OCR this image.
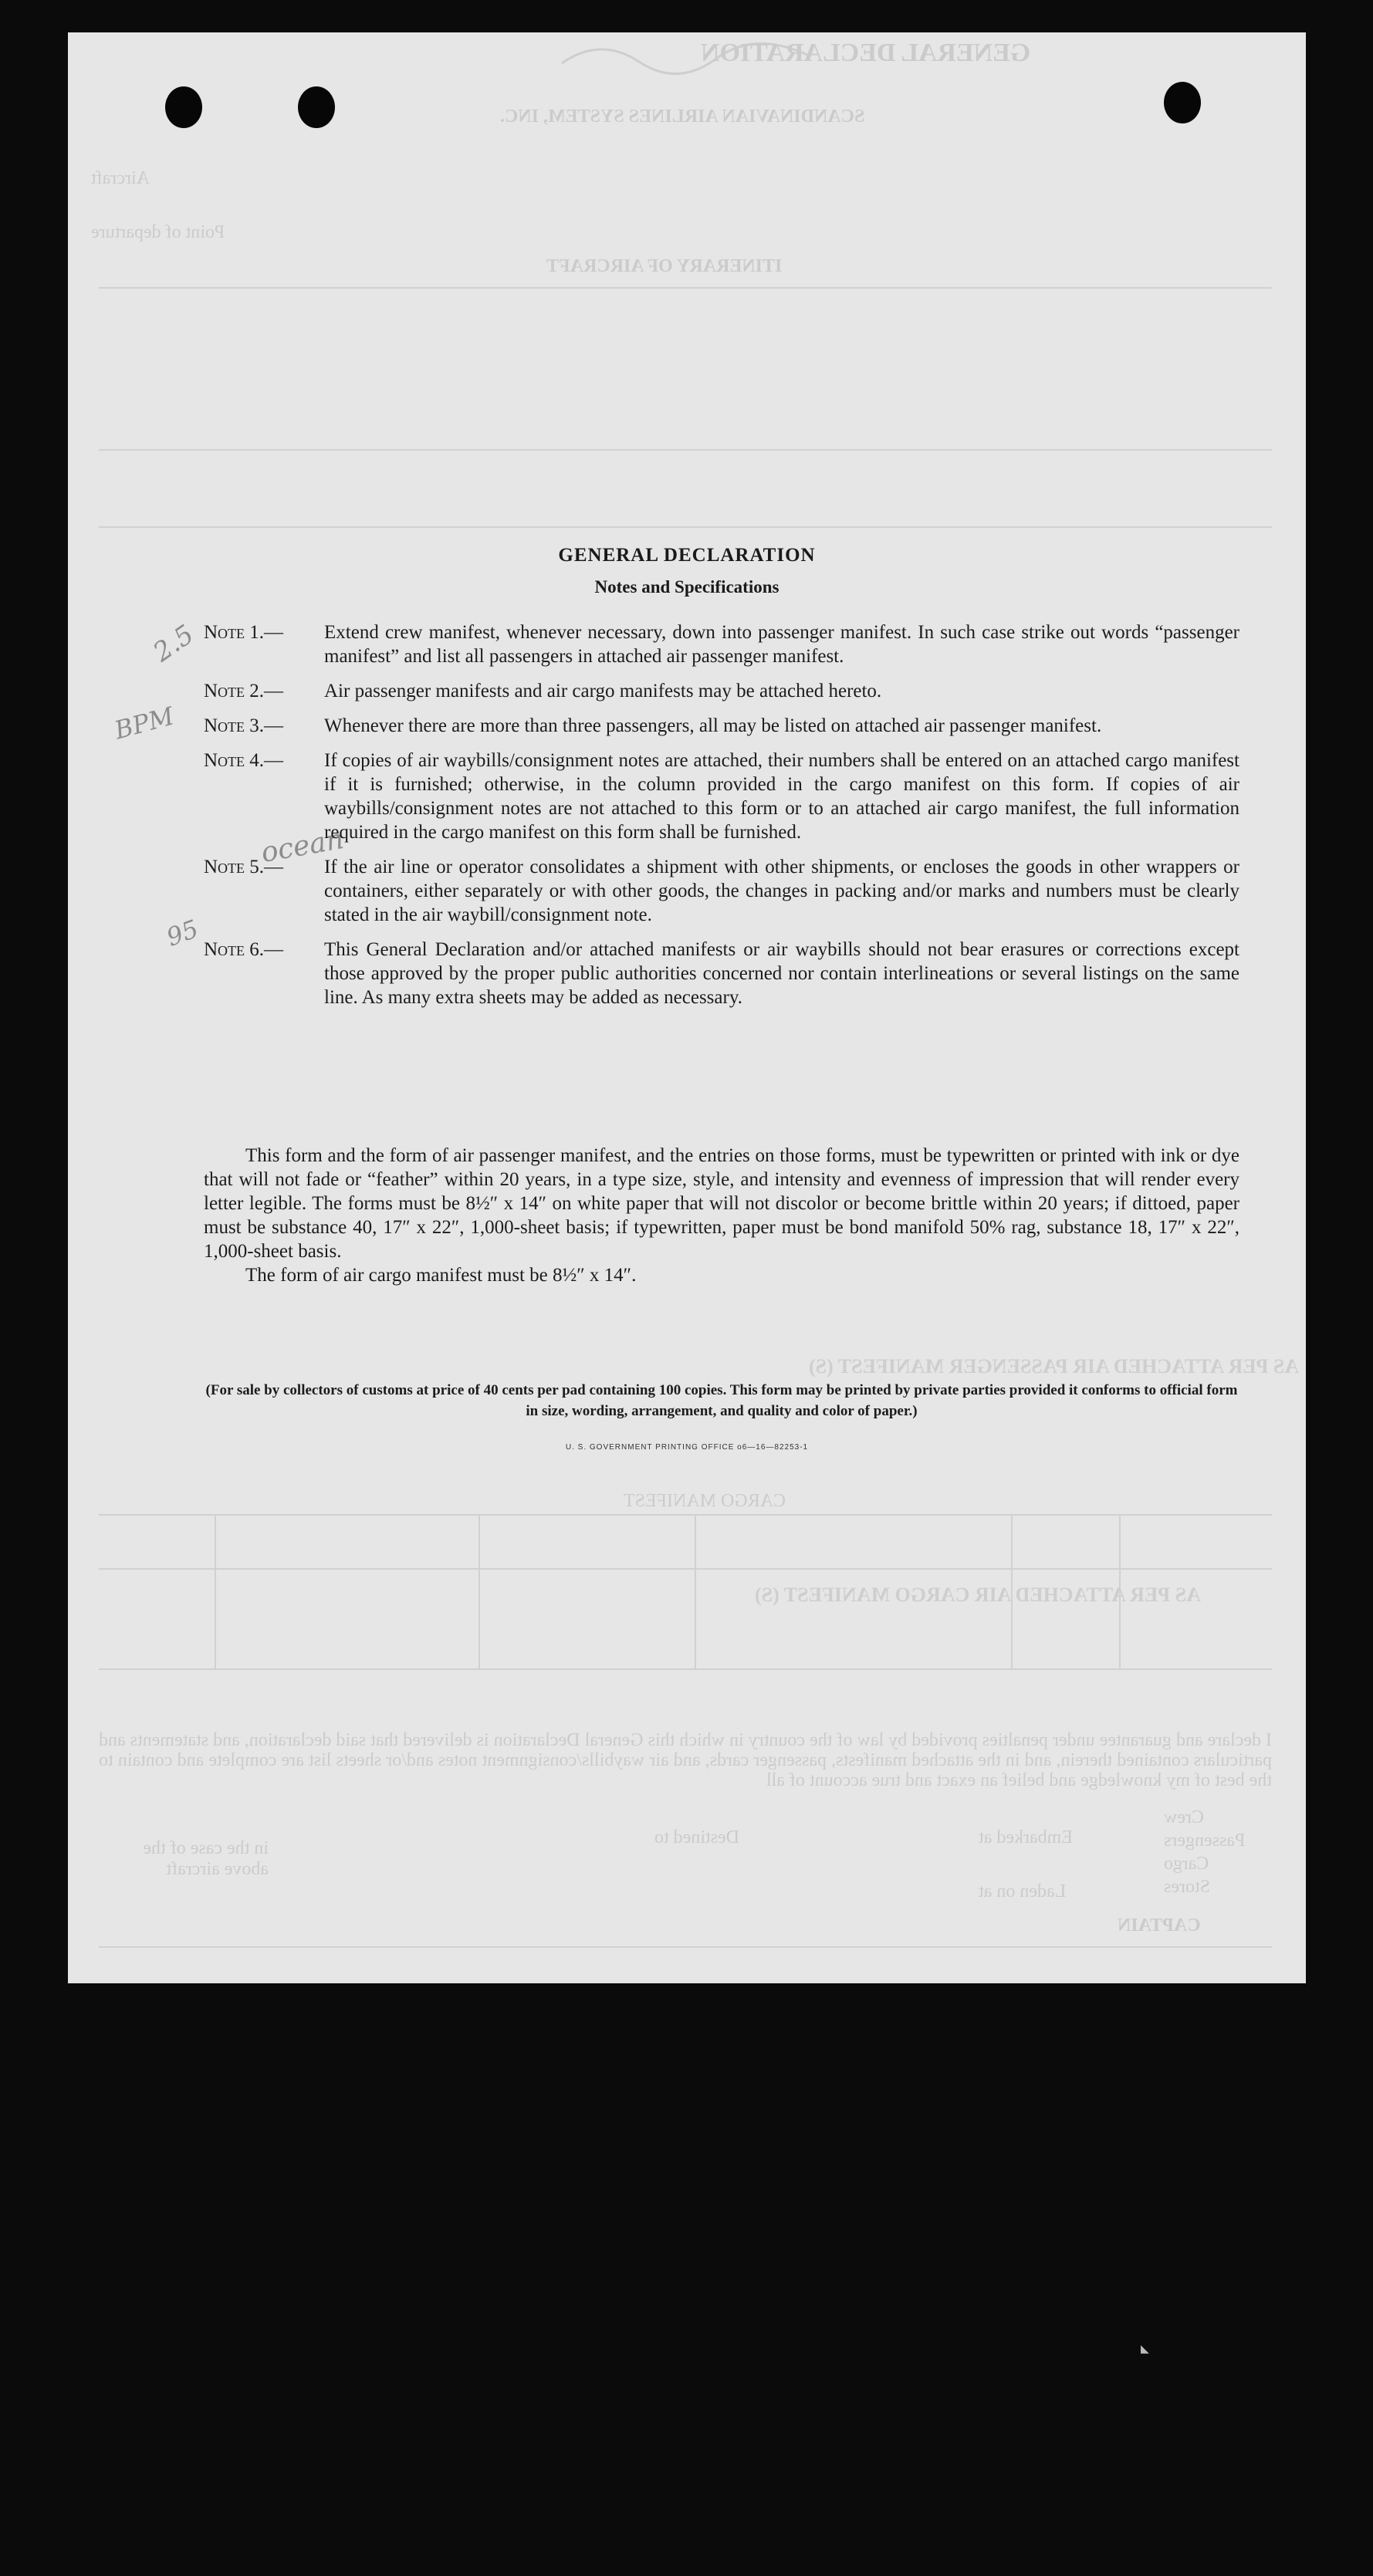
GENERAL DECLARATION
SCANDINAVIAN AIRLINES SYSTEM, INC.
Aircraft
Point of departure
ITINERARY OF AIRCRAFT
AS PER ATTACHED AIR PASSENGER MANIFEST (S)
CARGO MANIFEST
AS PER ATTACHED AIR CARGO MANIFEST (S)
I declare and guarantee under penalties provided by law of the country in which this General Declaration is delivered that said declaration, and statements and particulars contained therein, and in the attached manifests, passenger cards, and air waybills/consignment notes and/or sheets list are complete and contain to the best of my knowledge and belief an exact and true account of all
Embarked at
Destined to
Laden on at
Crew
Passengers
Cargo
Stores
in the case of the above aircraft
CAPTAIN
2.5
BPM
ocean
95
GENERAL DECLARATION
Notes and Specifications
Note 1.—	Extend crew manifest, whenever necessary, down into passenger manifest. In such case strike out words “passenger manifest” and list all passengers in attached air passenger manifest.
Note 2.—	Air passenger manifests and air cargo manifests may be attached hereto.
Note 3.—	Whenever there are more than three passengers, all may be listed on attached air passenger manifest.
Note 4.—	If copies of air waybills/consignment notes are attached, their numbers shall be entered on an attached cargo manifest if it is furnished; otherwise, in the column provided in the cargo manifest on this form. If copies of air waybills/consignment notes are not attached to this form or to an attached air cargo manifest, the full information required in the cargo manifest on this form shall be furnished.
Note 5.—	If the air line or operator consolidates a shipment with other shipments, or encloses the goods in other wrappers or containers, either separately or with other goods, the changes in packing and/or marks and numbers must be clearly stated in the air waybill/consignment note.
Note 6.—	This General Declaration and/or attached manifests or air waybills should not bear erasures or corrections except those approved by the proper public authorities concerned nor contain interlineations or several listings on the same line. As many extra sheets may be added as necessary.

This form and the form of air passenger manifest, and the entries on those forms, must be typewritten or printed with ink or dye that will not fade or “feather” within 20 years, in a type size, style, and intensity and evenness of impression that will render every letter legible. The forms must be 8½″ x 14″ on white paper that will not discolor or become brittle within 20 years; if dittoed, paper must be substance 40, 17″ x 22″, 1,000-sheet basis; if typewritten, paper must be bond manifold 50% rag, substance 18, 17″ x 22″, 1,000-sheet basis.

The form of air cargo manifest must be 8½″ x 14″.

(For sale by collectors of customs at price of 40 cents per pad containing 100 copies. This form may be printed by private parties provided it conforms to official form in size, wording, arrangement, and quality and color of paper.)
U. S. GOVERNMENT PRINTING OFFICE o6—16—82253-1
◣
